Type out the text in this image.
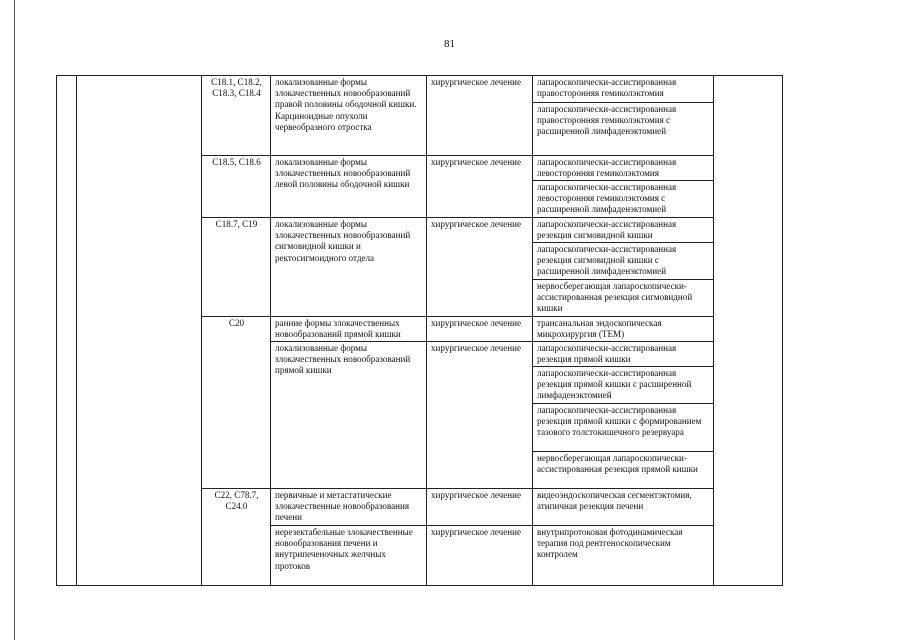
81
		C18.1, C18.2, C18.3, C18.4	локализованные формы злокачественных новообразований правой половины ободочной кишки. Карциноидные опухоли червеобразного отростка	хирургическое лечение	лапароскопически-ассистированная правосторонняя гемиколэктомия	
					лапароскопически-ассистированная правосторонняя гемиколэктомия с расширенной лимфаденэктомией	
		C18.5, C18.6	локализованные формы злокачественных новообразований левой половины ободочной кишки	хирургическое лечение	лапароскопически-ассистированная левосторонняя гемиколэктомия	
					лапароскопически-ассистированная левосторонняя гемиколэктомия с расширенной лимфаденэктомией	
		C18.7, C19	локализованные формы злокачественных новообразований сигмовидной кишки и ректосигмоидного отдела	хирургическое лечение	лапароскопически-ассистированная резекция сигмовидной кишки	
					лапароскопически-ассистированная резекция сигмовидной кишки с расширенной лимфаденэктомией	
					нервосберегающая лапароскопически-ассистированная резекция сигмовидной кишки	
		C20	ранние формы злокачественных новообразований прямой кишки	хирургическое лечение	трансанальная эндоскопическая микрохирургия (ТЕМ)	
			локализованные формы злокачественных новообразований прямой кишки	хирургическое лечение	лапароскопически-ассистированная резекция прямой кишки	
					лапароскопически-ассистированная резекция прямой кишки с расширенной лимфаденэктомией	
					лапароскопически-ассистированная резекция прямой кишки с формированием тазового толстокишечного резервуара	
					нервосберегающая лапароскопически-ассистированная резекция прямой кишки	
		C22, C78.7, C24.0	первичные и метастатические злокачественные новообразования печени	хирургическое лечение	видеоэндоскопическая сегментэктомия, атипичная резекция печени	
			нерезектабельные злокачественные новообразования печени и внутрипеченочных желчных протоков	хирургическое лечение	внутрипротоковая фотодинамическая терапия под рентгеноскопическим контролем	
